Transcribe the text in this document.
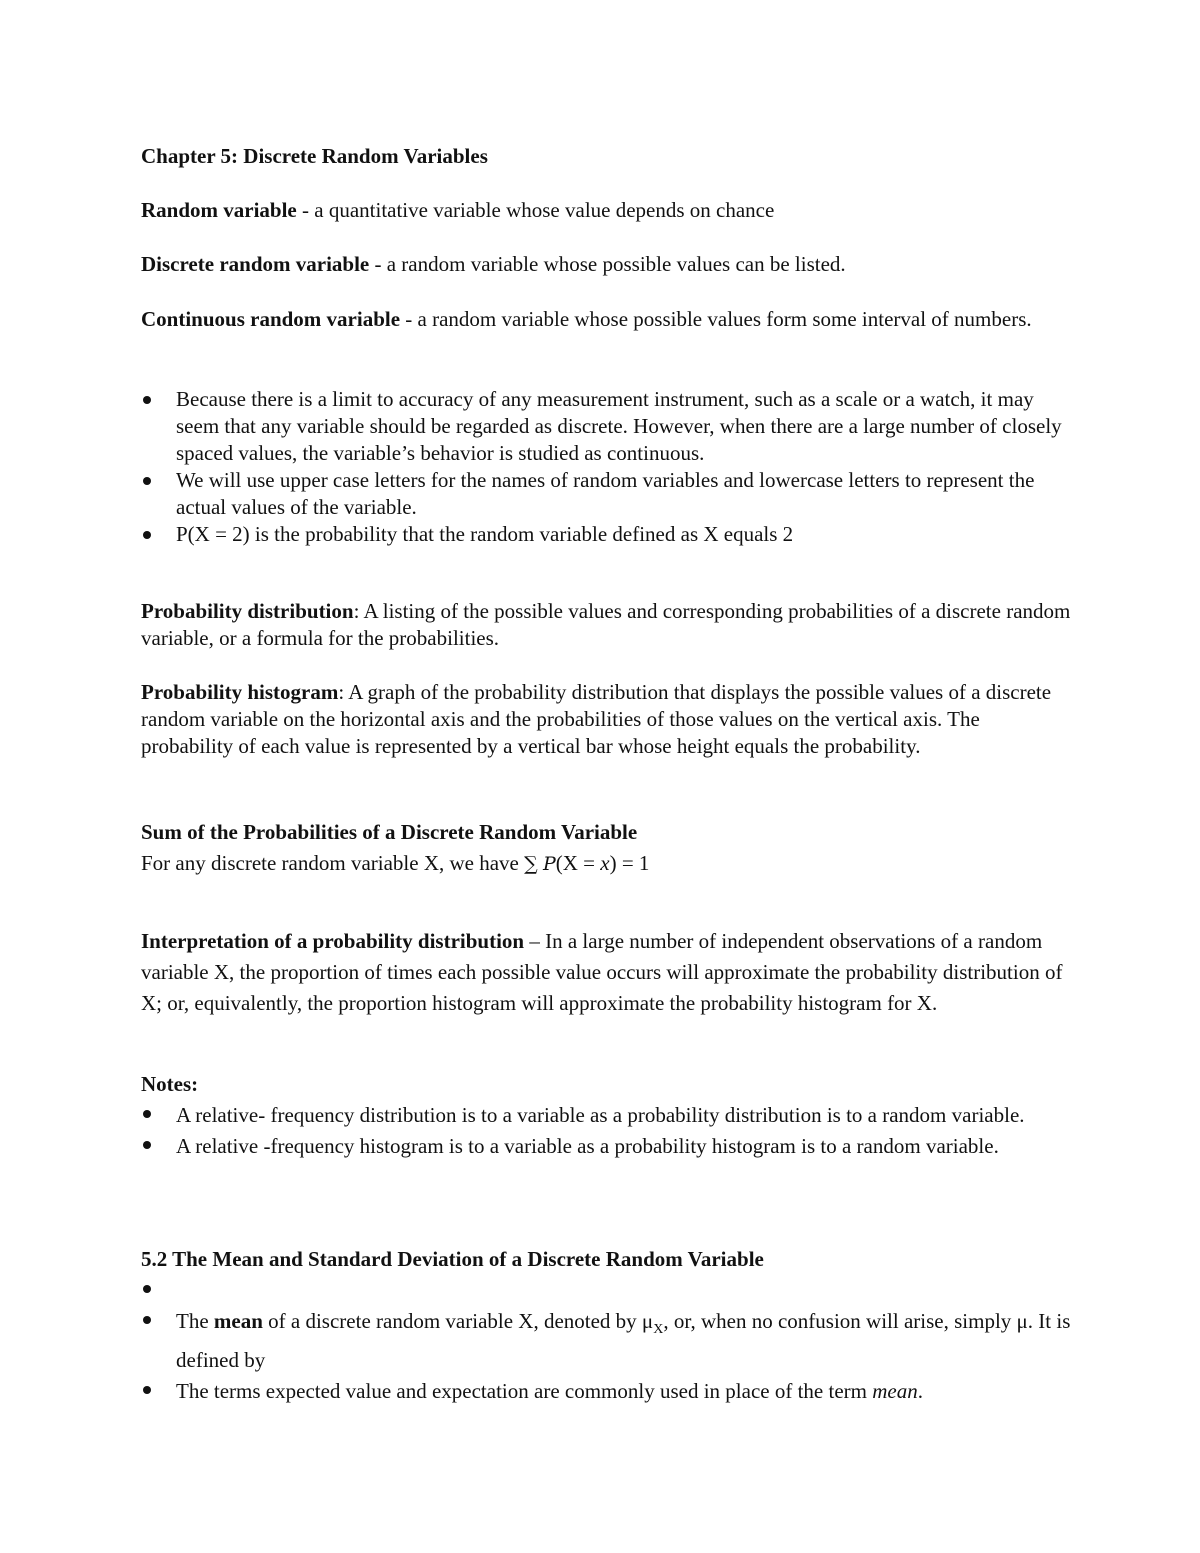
Chapter 5: Discrete Random Variables

Random variable - a quantitative variable whose value depends on chance

Discrete random variable - a random variable whose possible values can be listed.

Continuous random variable - a random variable whose possible values form some interval of numbers.

Because there is a limit to accuracy of any measurement instrument, such as a scale or a watch, it may seem that any variable should be regarded as discrete. However, when there are a large number of closely spaced values, the variable’s behavior is studied as continuous.
We will use upper case letters for the names of random variables and lowercase letters to represent the actual values of the variable.
P(X = 2) is the probability that the random variable defined as X equals 2

Probability distribution: A listing of the possible values and corresponding probabilities of a discrete random variable, or a formula for the probabilities.

Probability histogram: A graph of the probability distribution that displays the possible values of a discrete random variable on the horizontal axis and the probabilities of those values on the vertical axis. The probability of each value is represented by a vertical bar whose height equals the probability.

Sum of the Probabilities of a Discrete Random Variable

For any discrete random variable X, we have ∑ P(X = x) = 1

Interpretation of a probability distribution – In a large number of independent observations of a random variable X, the proportion of times each possible value occurs will approximate the probability distribution of X; or, equivalently, the proportion histogram will approximate the probability histogram for X.

Notes:

A relative- frequency distribution is to a variable as a probability distribution is to a random variable.
A relative -frequency histogram is to a variable as a probability histogram is to a random variable.

5.2 The Mean and Standard Deviation of a Discrete Random Variable

The mean of a discrete random variable X, denoted by $\mu_X$, or, when no confusion will arise, simply μ. It is defined by
The terms expected value and expectation are commonly used in place of the term mean.
